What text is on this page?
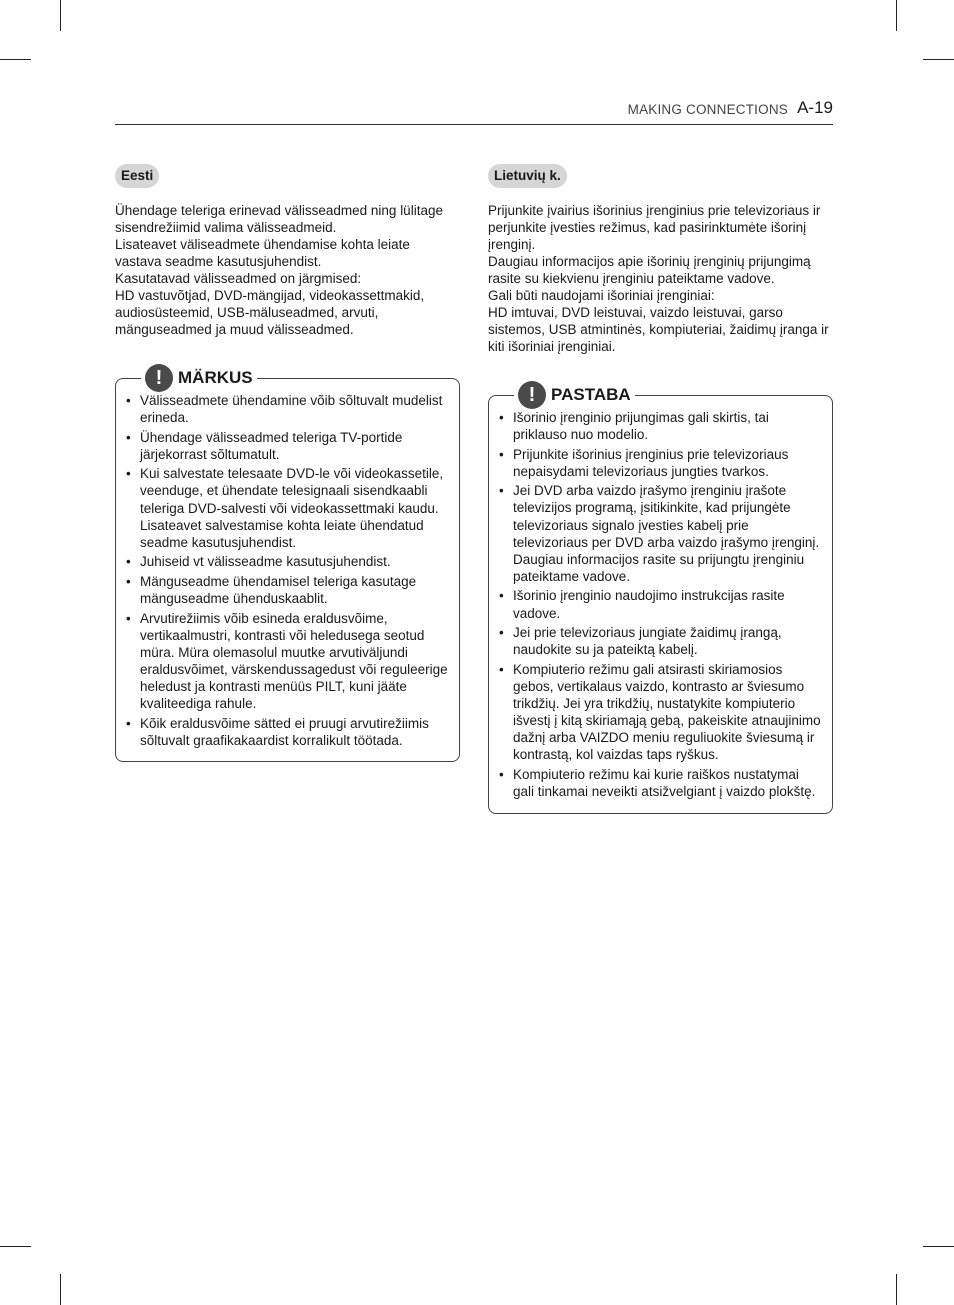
MAKING CONNECTIONS A-19
Eesti

Ühendage teleriga erinevad välisseadmed ning lülitage sisendrežiimid valima välisseadmeid.

Lisateavet väliseadmete ühendamise kohta leiate vastava seadme kasutusjuhendist.

Kasutatavad välisseadmed on järgmised:

HD vastuvõtjad, DVD-mängijad, videokassettmakid, audiosüsteemid, USB-mäluseadmed, arvuti, mänguseadmed ja muud välisseadmed.

! MÄRKUS
• Välisseadmete ühendamine võib sõltuvalt mudelist erineda.
• Ühendage välisseadmed teleriga TV-portide järjekorrast sõltumatult.
• Kui salvestate telesaate DVD-le või videokassetile, veenduge, et ühendate telesignaali sisendkaabli teleriga DVD-salvesti või videokassettmaki kaudu. Lisateavet salvestamise kohta leiate ühendatud seadme kasutusjuhendist.
• Juhiseid vt välisseadme kasutusjuhendist.
• Mänguseadme ühendamisel teleriga kasutage mänguseadme ühenduskaablit.
• Arvutirežiimis võib esineda eraldusvõime, vertikaalmustri, kontrasti või heledusega seotud müra. Müra olemasolul muutke arvutiväljundi eraldusvõimet, värskendussagedust või reguleerige heledust ja kontrasti menüüs PILT, kuni jääte kvaliteediga rahule.
• Kõik eraldusvõime sätted ei pruugi arvutirežiimis sõltuvalt graafikakaardist korralikult töötada.
Lietuvių k.

Prijunkite įvairius išorinius įrenginius prie televizoriaus ir perjunkite įvesties režimus, kad pasirinktumėte išorinį įrenginį.

Daugiau informacijos apie išorinių įrenginių prijungimą rasite su kiekvienu įrenginiu pateiktame vadove.

Gali būti naudojami išoriniai įrenginiai:

HD imtuvai, DVD leistuvai, vaizdo leistuvai, garso sistemos, USB atmintinės, kompiuteriai, žaidimų įranga ir kiti išoriniai įrenginiai.

! PASTABA
• Išorinio įrenginio prijungimas gali skirtis, tai priklauso nuo modelio.
• Prijunkite išorinius įrenginius prie televizoriaus nepaisydami televizoriaus jungties tvarkos.
• Jei DVD arba vaizdo įrašymo įrenginiu įrašote televizijos programą, įsitikinkite, kad prijungėte televizoriaus signalo įvesties kabelį prie televizoriaus per DVD arba vaizdo įrašymo įrenginį. Daugiau informacijos rasite su prijungtu įrenginiu pateiktame vadove.
• Išorinio įrenginio naudojimo instrukcijas rasite vadove.
• Jei prie televizoriaus jungiate žaidimų įrangą, naudokite su ja pateiktą kabelį.
• Kompiuterio režimu gali atsirasti skiriamosios gebos, vertikalaus vaizdo, kontrasto ar šviesumo trikdžių. Jei yra trikdžių, nustatykite kompiuterio išvestį į kitą skiriamąją gebą, pakeiskite atnaujinimo dažnį arba VAIZDO meniu reguliuokite šviesumą ir kontrastą, kol vaizdas taps ryškus.
• Kompiuterio režimu kai kurie raiškos nustatymai gali tinkamai neveikti atsižvelgiant į vaizdo plokštę.
